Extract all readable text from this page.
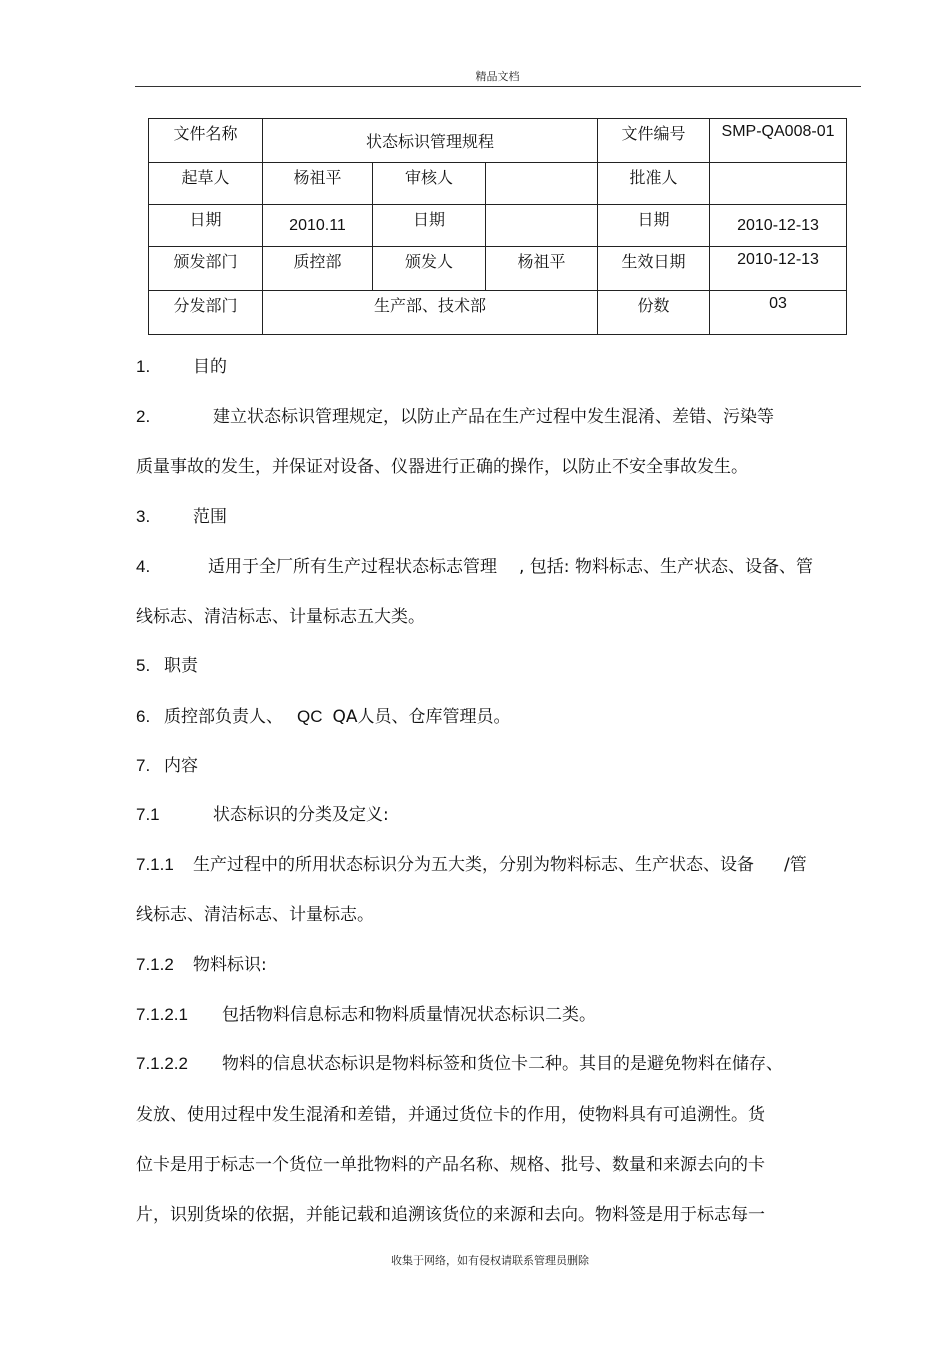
精品文档
文件名称	状态标识管理规程			文件编号	SMP-QA008-01
起草人	杨祖平	审核人		批准人	
日期	2010.11	日期		日期	2010-12-13
颁发部门	质控部	颁发人	杨祖平	生效日期	2010-12-13
分发部门	生产部、技术部			份数	03
1.	目的
2.	建立状态标识管理规定，以防止产品在生产过程中发生混淆、差错、污染等
质量事故的发生，并保证对设备、仪器进行正确的操作，以防止不安全事故发生。
3.	范围
4.	适用于全厂所有生产过程状态标志管理 , 包括: 物料标志、生产状态、设备、管
线标志、清洁标志、计量标志五大类。
5. 职责
6. 质控部负责人、 QC QA人员、仓库管理员。
7. 内容
7.1	状态标识的分类及定义:
7.1.1 生产过程中的所用状态标识分为五大类，分别为物料标志、生产状态、设备 /管
线标志、清洁标志、计量标志。
7.1.2 物料标识:
7.1.2.1 包括物料信息标志和物料质量情况状态标识二类。
7.1.2.2 物料的信息状态标识是物料标签和货位卡二种。其目的是避免物料在储存、
发放、使用过程中发生混淆和差错，并通过货位卡的作用，使物料具有可追溯性。货
位卡是用于标志一个货位一单批物料的产品名称、规格、批号、数量和来源去向的卡
片，识别货垛的依据，并能记载和追溯该货位的来源和去向。物料签是用于标志每一
收集于网络，如有侵权请联系管理员删除
